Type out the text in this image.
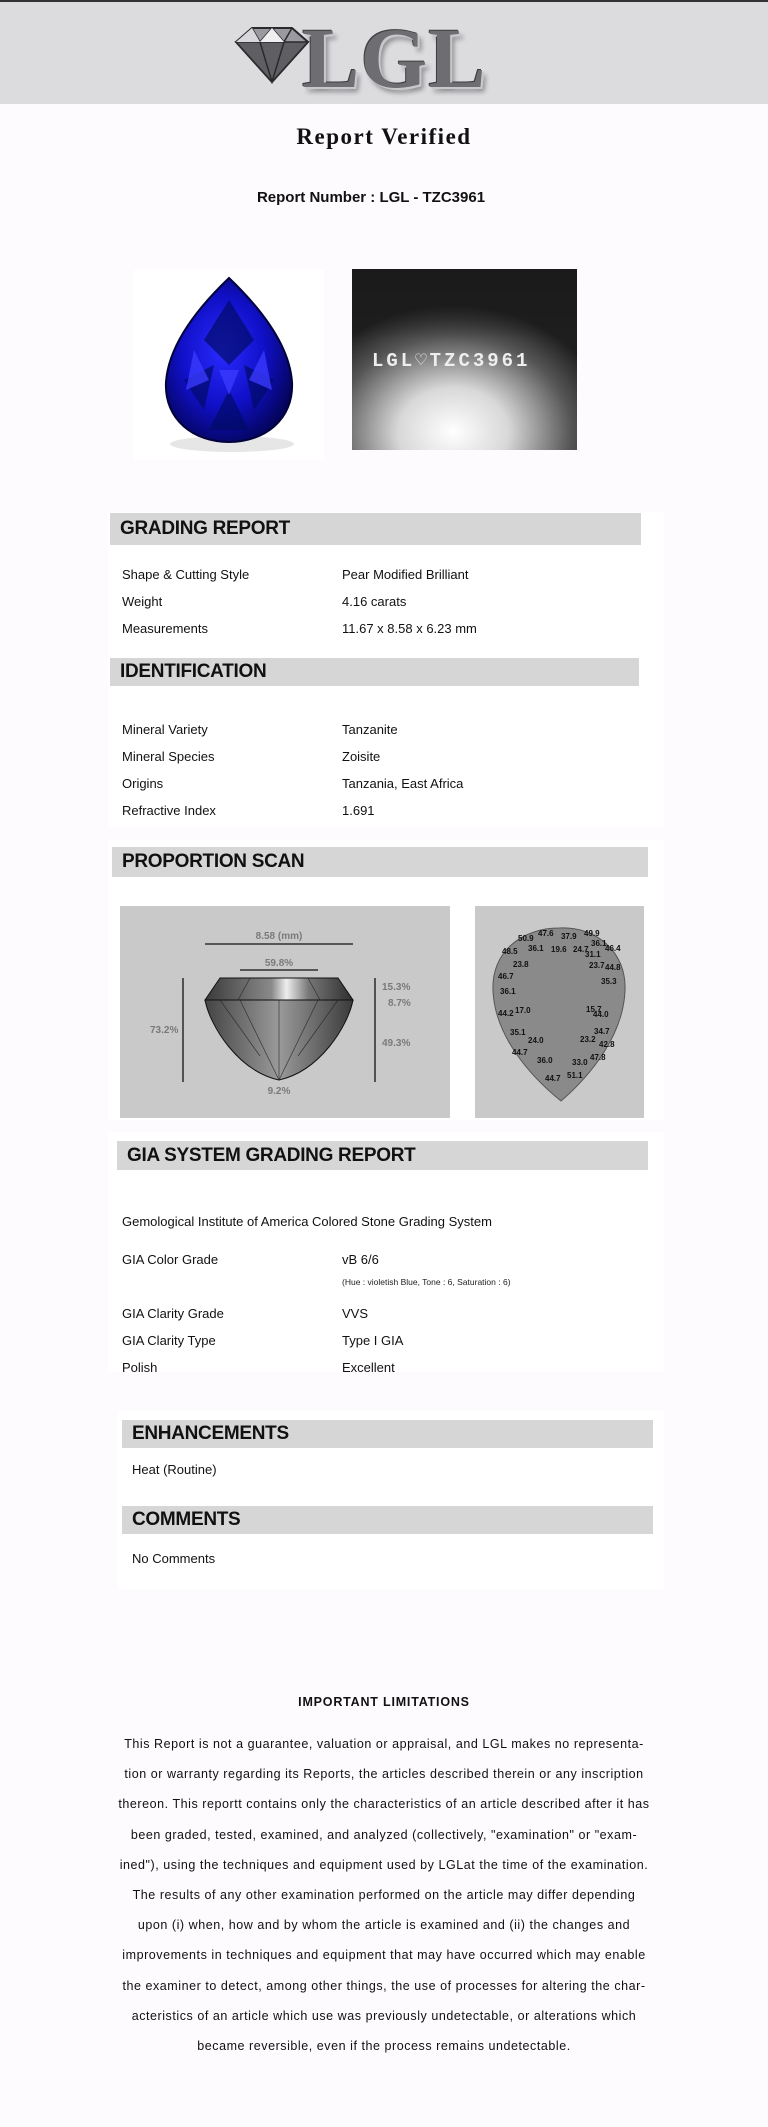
LGL
Report Verified
Report Number : LGL - TZC3961
LGL♡TZC3961
GRADING REPORT
Shape & Cutting Style	Pear Modified Brilliant
Weight	4.16 carats
Measurements	11.67 x 8.58 x 6.23 mm
IDENTIFICATION
Mineral Variety	Tanzanite
Mineral Species	Zoisite
Origins	Tanzania, East Africa
Refractive Index	1.691
PROPORTION SCAN
8.58 (mm)
59.8%
73.2%
15.3%
8.7%
49.3%
9.2%
47.6 37.9 49.9
50.9
36.1 19.6 24.7
36.1
46.4
48.5
23.8
31.1
23.7 44.8
46.7
35.3
36.1
15.7
17.0	44.0
44.2
35.1	34.7
24.0	23.2
42.8
44.7
47.8
36.0 33.0
44.7 51.1
GIA SYSTEM GRADING REPORT
Gemological Institute of America Colored Stone Grading System
GIA Color Grade	vB 6/6
(Hue : violetish Blue, Tone : 6, Saturation : 6)
GIA Clarity Grade	VVS
GIA Clarity Type	Type I GIA
Polish	Excellent
ENHANCEMENTS
Heat (Routine)
COMMENTS
No Comments
IMPORTANT LIMITATIONS
This Report is not a guarantee, valuation or appraisal, and LGL makes no representa-
tion or warranty regarding its Reports, the articles described therein or any inscription
thereon. This reportt contains only the characteristics of an article described after it has
been graded, tested, examined, and analyzed (collectively, "examination" or "exam-
ined"), using the techniques and equipment used by LGLat the time of the examination.
The results of any other examination performed on the article may differ depending
upon (i) when, how and by whom the article is examined and (ii) the changes and
improvements in techniques and equipment that may have occurred which may enable
the examiner to detect, among other things, the use of processes for altering the char-
acteristics of an article which use was previously undetectable, or alterations which
became reversible, even if the process remains undetectable.
